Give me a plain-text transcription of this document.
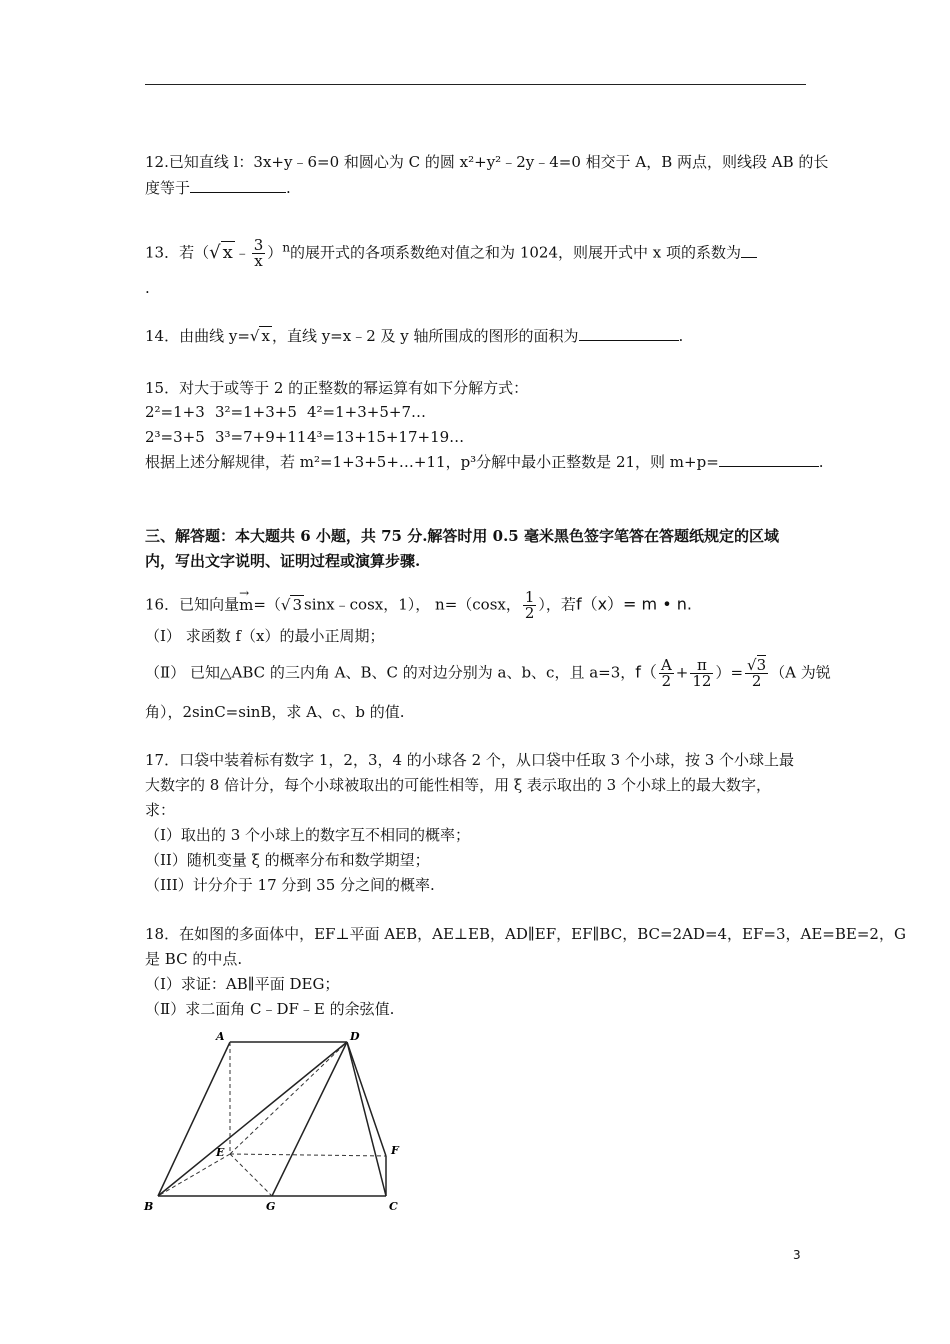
12.已知直线 l：3x+y﹣6=0 和圆心为 C 的圆 x²+y²﹣2y﹣4=0 相交于 A，B 两点，则线段 AB 的长
度等于	.
13．若（√ x ﹣ $\frac{3}{x} )^n$的展开式的各项系数绝对值之和为 1024，则展开式中 x 项的系数为
.
14．由曲线 y=√ x ，直线 y=x﹣2 及 y 轴所围成的图形的面积为	.
15．对大于或等于 2 的正整数的幂运算有如下分解方式：
2²=1+3 3²=1+3+5 4²=1+3+5+7…
2³=3+5 3³=7+9+114³=13+15+17+19…
根据上述分解规律，若 m²=1+3+5+…+11，p³分解中最小正整数是 21，则 m+p=	.
三、解答题：本大题共 6 小题，共 75 分.解答时用 0.5 毫米黑色签字笔答在答题纸规定的区域
内，写出文字说明、证明过程或演算步骤.
16．已知向量
→
m=（√ 3 sinx﹣cosx，1）， n=（cosx， $\frac{1}{2}$ ），若f（x）= m • n.
（Ⅰ） 求函数 f（x）的最小正周期；
（Ⅱ） 已知△ABC 的三内角 A、B、C 的对边分别为 a、b、c，且 a=3，$f( \frac{A}{2} + \frac{\pi}{12}$ ）= $\frac{√3}{2} (A$ 为锐
角），2sinC=sinB，求 A、c、b 的值.
17．口袋中装着标有数字 1，2，3，4 的小球各 2 个，从口袋中任取 3 个小球，按 3 个小球上最
大数字的 8 倍计分，每个小球被取出的可能性相等，用 ξ 表示取出的 3 个小球上的最大数字，
求：
（I）取出的 3 个小球上的数字互不相同的概率；
（II）随机变量 ξ 的概率分布和数学期望；
（III）计分介于 17 分到 35 分之间的概率.
18．在如图的多面体中，EF⊥平面 AEB，AE⊥EB，AD∥EF，EF∥BC，BC=2AD=4，EF=3，AE=BE=2，G
是 BC 的中点.
（Ⅰ）求证：AB∥平面 DEG；
（Ⅱ）求二面角 C﹣DF﹣E 的余弦值.
A	D
E	F
B	G	C
3
